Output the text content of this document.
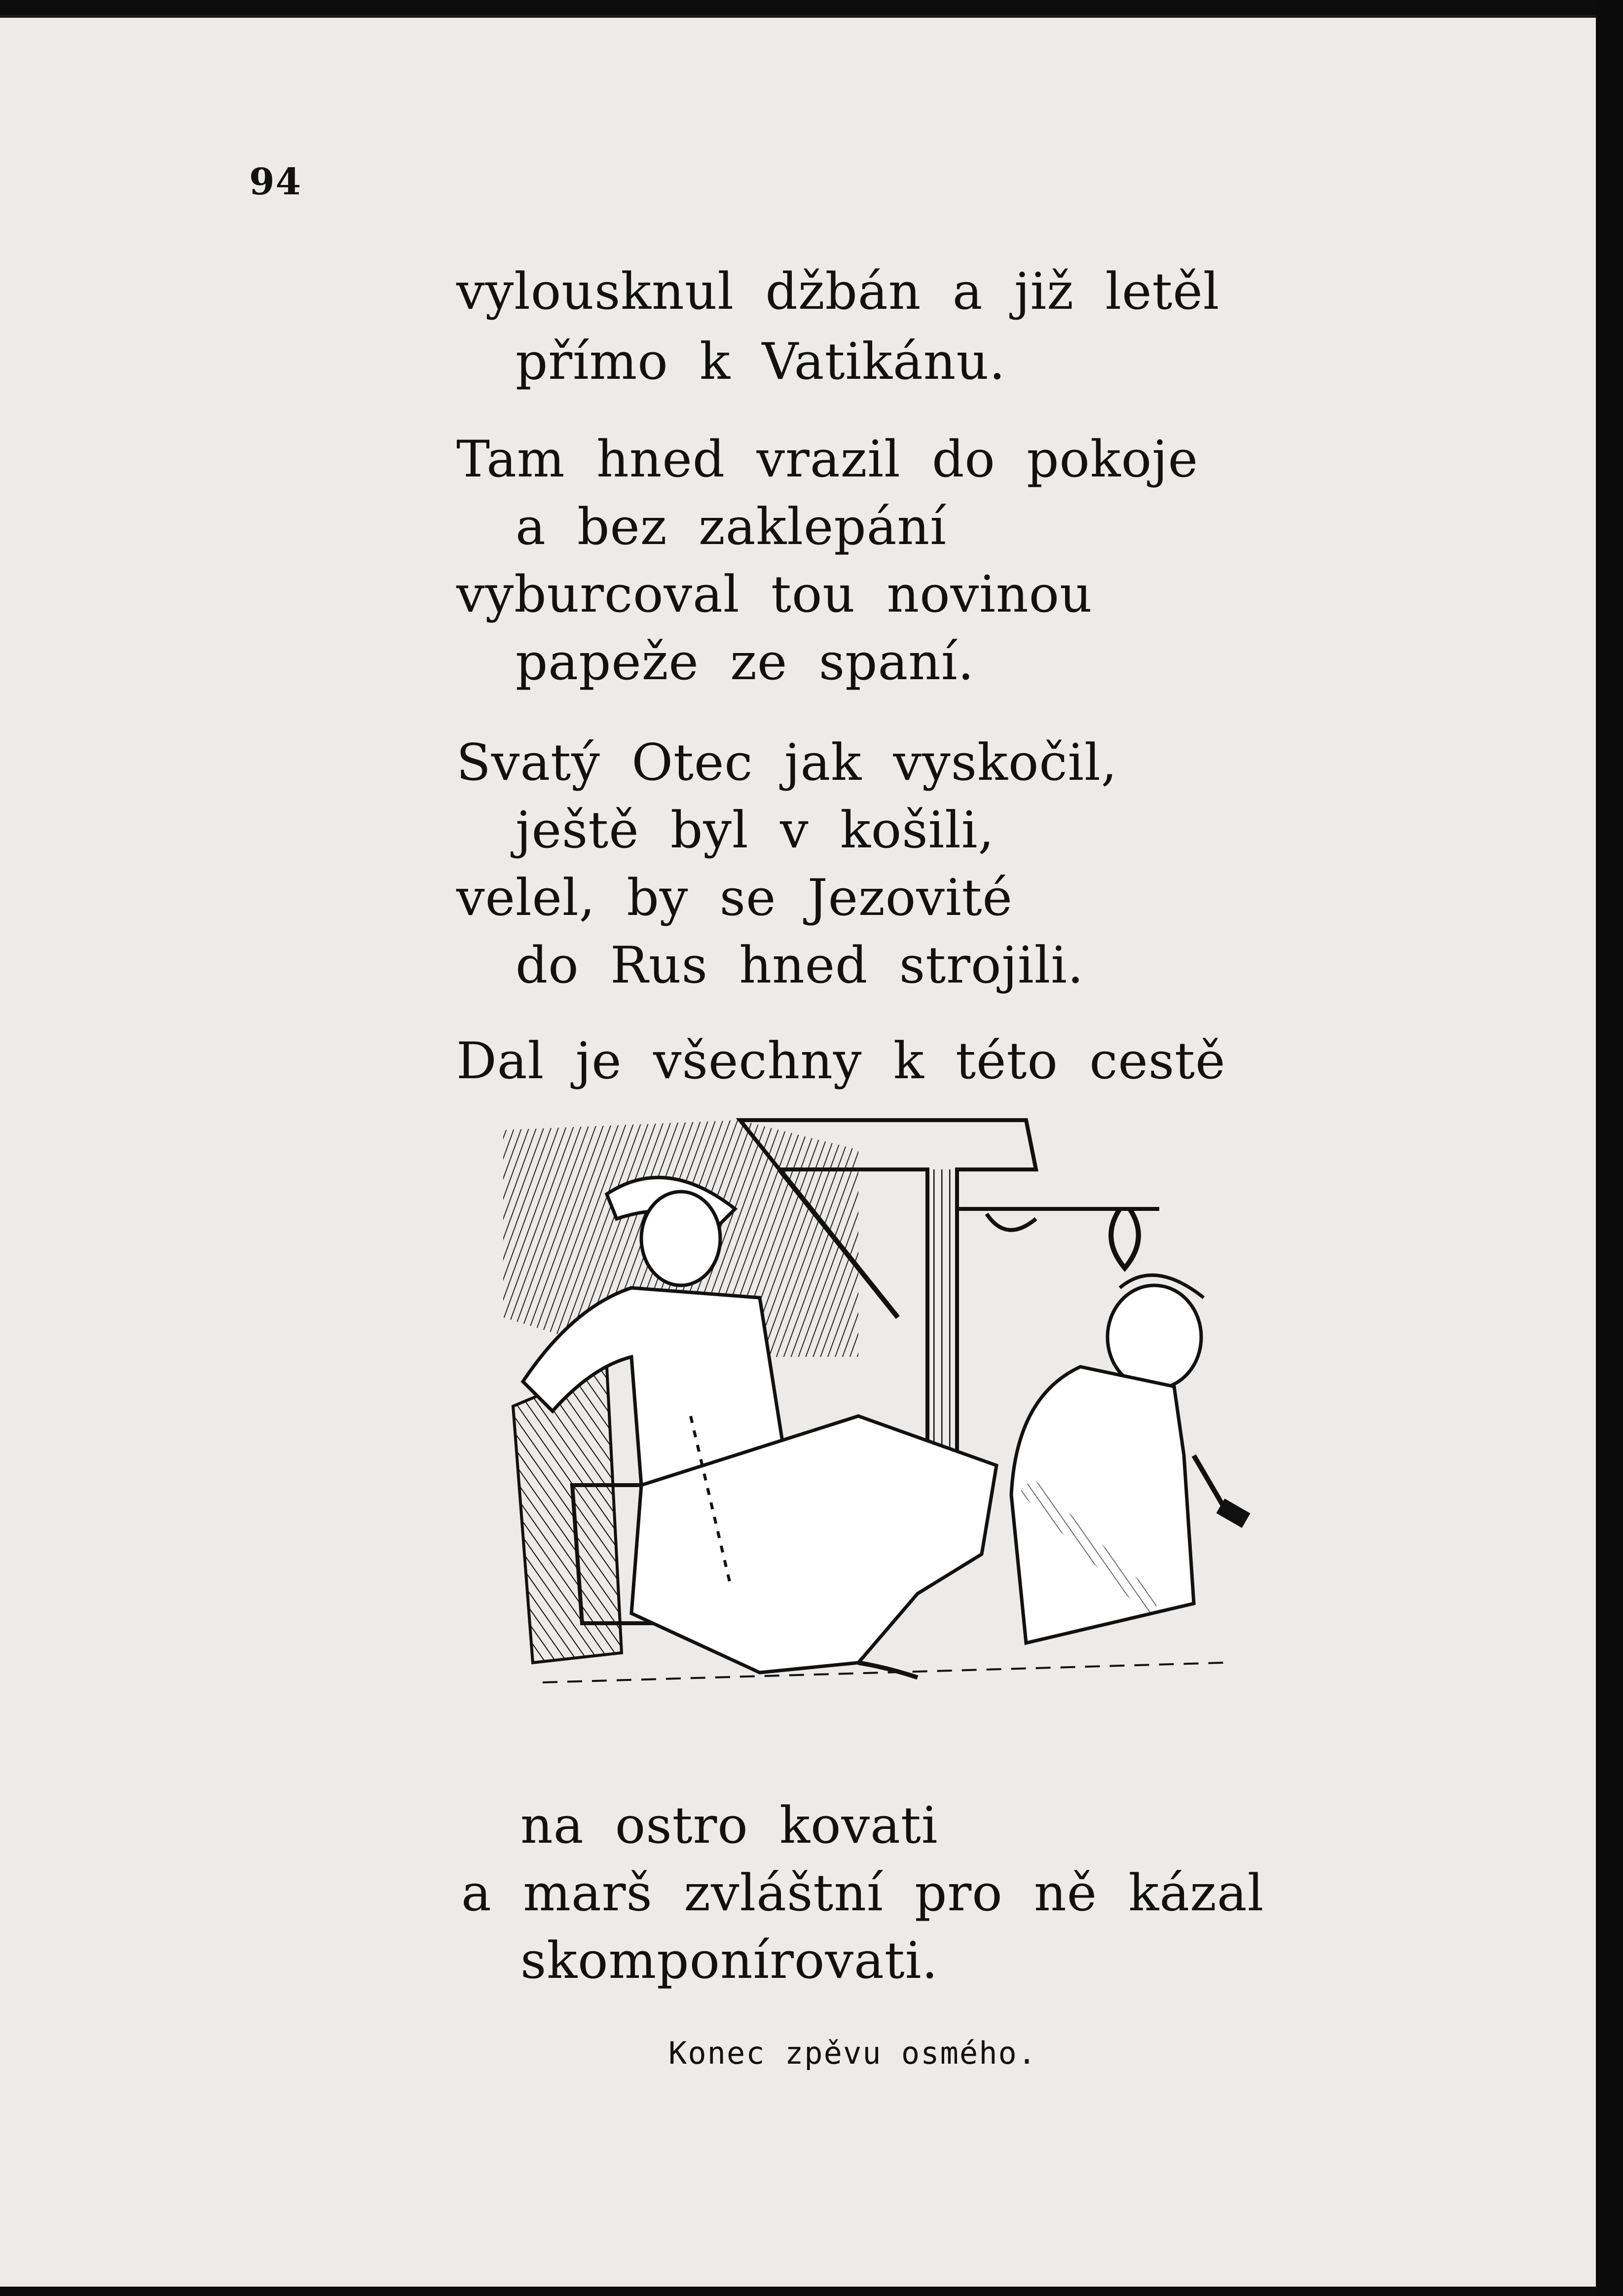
94
vylousknul džbán a již letěl
přímo k Vatikánu.
Tam hned vrazil do pokoje
a bez zaklepání
vyburcoval tou novinou
papeže ze spaní.
Svatý Otec jak vyskočil,
ještě byl v košili,
velel, by se Jezovité
do Rus hned strojili.
Dal je všechny k této cestě
na ostro kovati
a marš zvláštní pro ně kázal
skomponírovati.
Konec zpěvu osmého.
